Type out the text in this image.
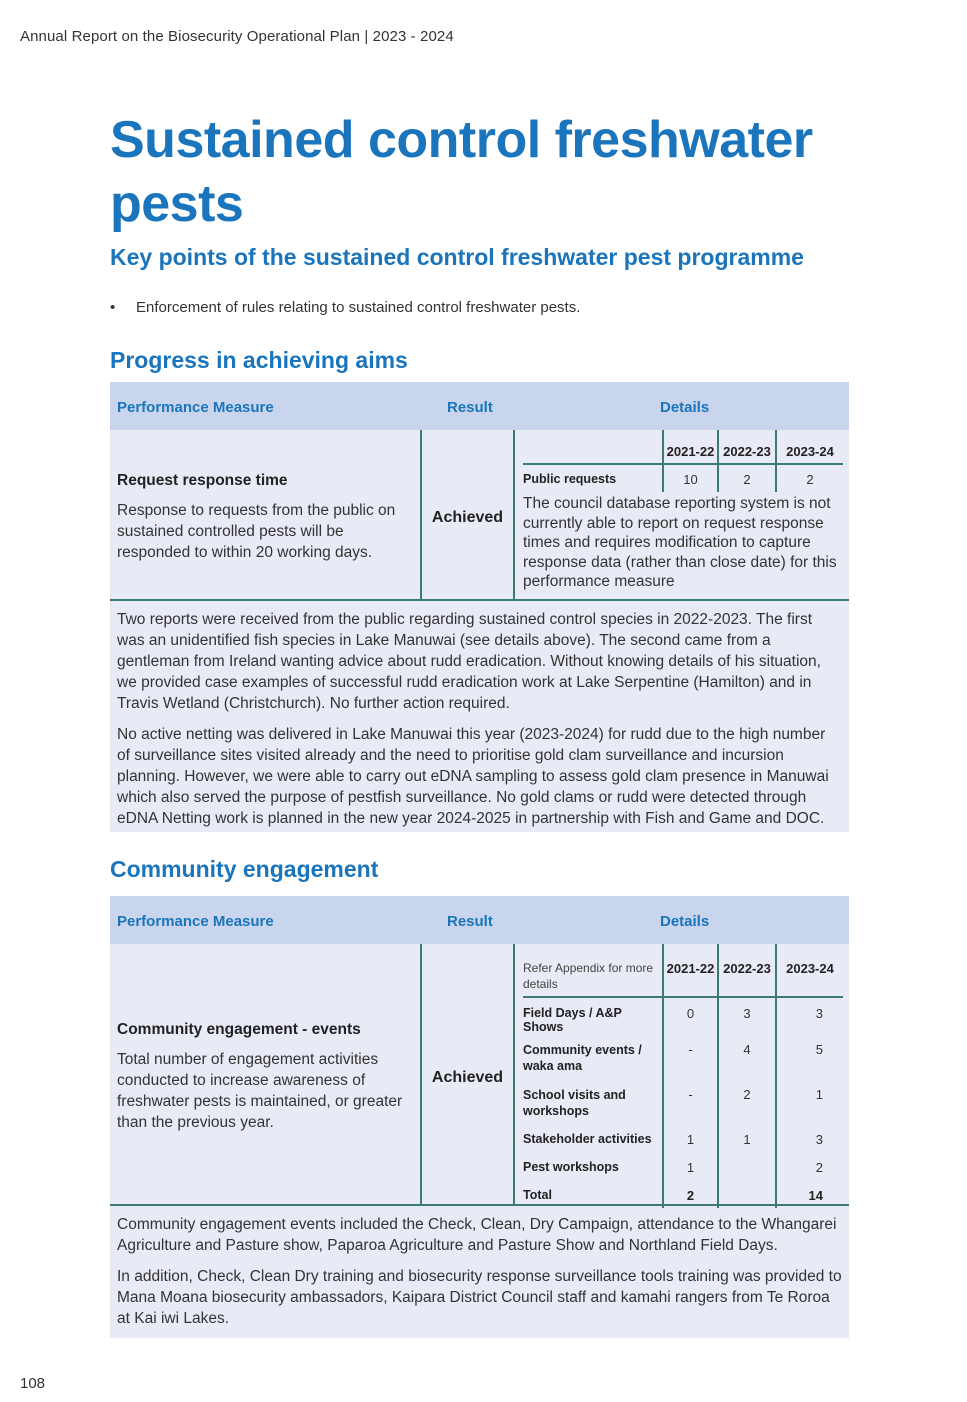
Annual Report on the Biosecurity Operational Plan | 2023 - 2024
Sustained control freshwater pests
Key points of the sustained control freshwater pest programme
•	Enforcement of rules relating to sustained control freshwater pests.
Progress in achieving aims
Performance Measure	Result	Details
Request response time
Response to requests from the public on sustained controlled pests will be responded to within 20 working days.
Achieved
	2021-22	2022-23	2023-24
Public requests	10	2	2
The council database reporting system is not currently able to report on request response times and requires modification to capture response data (rather than close date) for this performance measure

Two reports were received from the public regarding sustained control species in 2022-2023. The first was an unidentified fish species in Lake Manuwai (see details above). The second came from a gentleman from Ireland wanting advice about rudd eradication. Without knowing details of his situation, we provided case examples of successful rudd eradication work at Lake Serpentine (Hamilton) and in Travis Wetland (Christchurch). No further action required.

No active netting was delivered in Lake Manuwai this year (2023-2024) for rudd due to the high number of surveillance sites visited already and the need to prioritise gold clam surveillance and incursion planning. However, we were able to carry out eDNA sampling to assess gold clam presence in Manuwai which also served the purpose of pestfish surveillance. No gold clams or rudd were detected through eDNA Netting work is planned in the new year 2024-2025 in partnership with Fish and Game and DOC.

Community engagement
Performance Measure	Result	Details
Community engagement - events
Total number of engagement activities conducted to increase awareness of freshwater pests is maintained, or greater than the previous year.
Achieved
Refer Appendix for more details	2021-22	2022-23	2023-24
Field Days / A&P Shows	0	3	3
Community events / waka ama	-	4	5
School visits and workshops	-	2	1
Stakeholder activities	1	1	3
Pest workshops	1		2
Total	2		14

Community engagement events included the Check, Clean, Dry Campaign, attendance to the Whangarei Agriculture and Pasture show, Paparoa Agriculture and Pasture Show and Northland Field Days.

In addition, Check, Clean Dry training and biosecurity response surveillance tools training was provided to Mana Moana biosecurity ambassadors, Kaipara District Council staff and kamahi rangers from Te Roroa at Kai iwi Lakes.

108
